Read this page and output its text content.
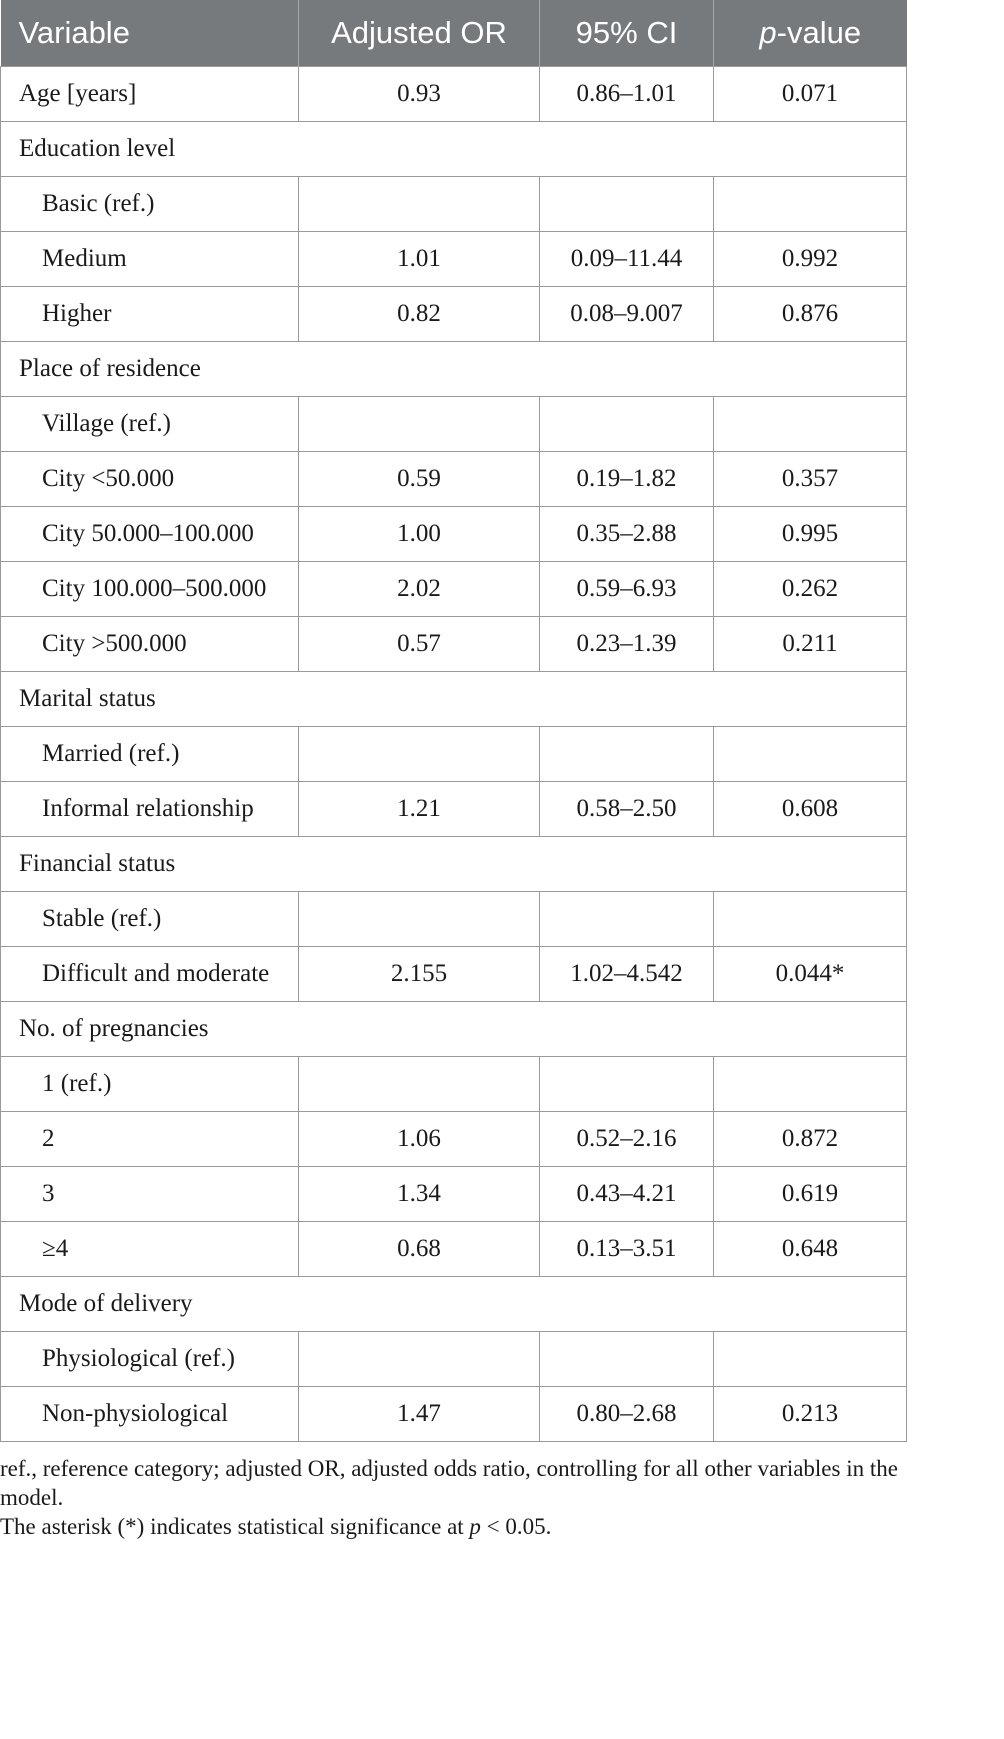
Variable	Adjusted OR	95% CI	p-value
Age [years]	0.93	0.86–1.01	0.071
Education level			
Basic (ref.)			
Medium	1.01	0.09–11.44	0.992
Higher	0.82	0.08–9.007	0.876
Place of residence			
Village (ref.)			
City <50.000	0.59	0.19–1.82	0.357
City 50.000–100.000	1.00	0.35–2.88	0.995
City 100.000–500.000	2.02	0.59–6.93	0.262
City >500.000	0.57	0.23–1.39	0.211
Marital status			
Married (ref.)			
Informal relationship	1.21	0.58–2.50	0.608
Financial status			
Stable (ref.)			
Difficult and moderate	2.155	1.02–4.542	0.044*
No. of pregnancies			
1 (ref.)			
2	1.06	0.52–2.16	0.872
3	1.34	0.43–4.21	0.619
≥4	0.68	0.13–3.51	0.648
Mode of delivery			
Physiological (ref.)			
Non-physiological	1.47	0.80–2.68	0.213

ref., reference category; adjusted OR, adjusted odds ratio, controlling for all other variables in the model.

The asterisk (*) indicates statistical significance at p < 0.05.
